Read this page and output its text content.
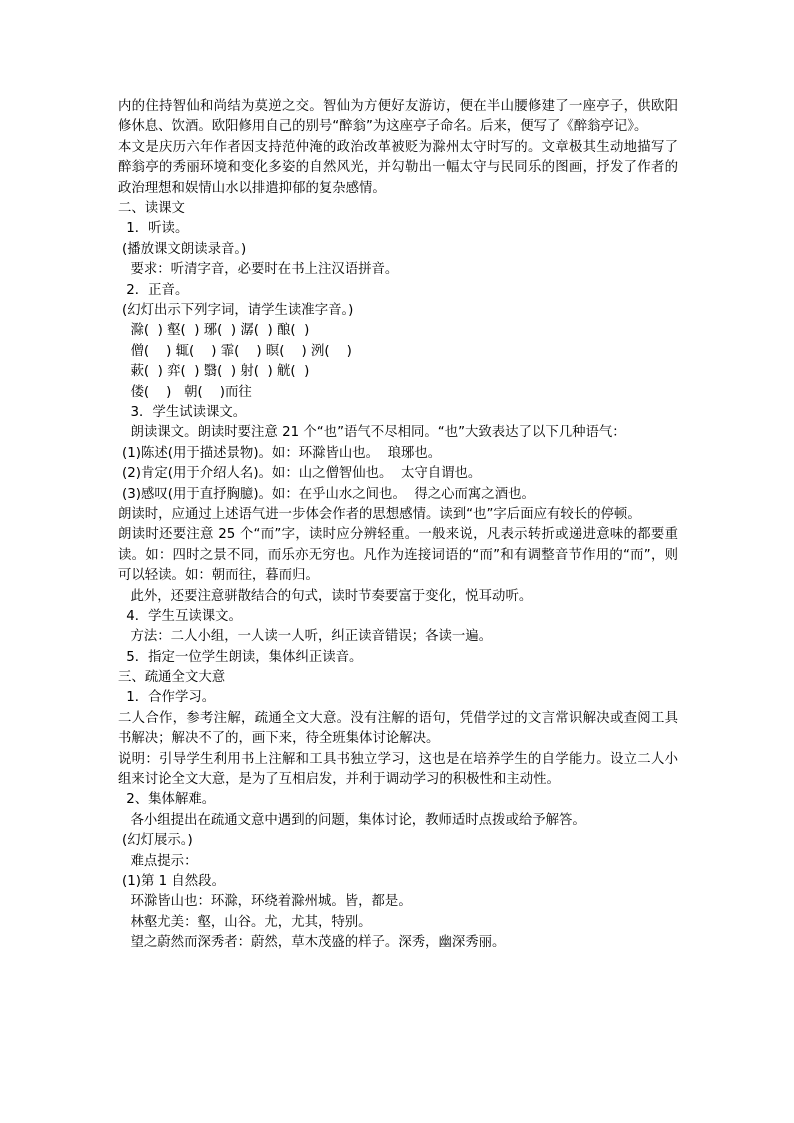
内的住持智仙和尚结为莫逆之交。智仙为方便好友游访，便在半山腰修建了一座亭子，供欧阳修休息、饮酒。欧阳修用自己的别号“醉翁”为这座亭子命名。后来，便写了《醉翁亭记》。

本文是庆历六年作者因支持范仲淹的政治改革被贬为滁州太守时写的。文章极其生动地描写了醉翁亭的秀丽环境和变化多姿的自然风光，并勾勒出一幅太守与民同乐的图画，抒发了作者的政治理想和娱情山水以排遣抑郁的复杂感情。

二、读课文

1．听读。

(播放课文朗读录音。)

要求：听清字音，必要时在书上注汉语拼音。

2．正音。

(幻灯出示下列字词，请学生读准字音。)

滁(  ) 壑(  ) 琊(  ) 潺(  ) 酿(  )

僧(    ) 辄(    ) 霏(    ) 暝(    ) 洌(    )

蔌(  ) 弈(  ) 翳(  ) 射(  ) 觥(  )

偻(    )   朝(    )而往

3．学生试读课文。

朗读课文。朗读时要注意 21 个“也”语气不尽相同。“也”大致表达了以下几种语气：

(1)陈述(用于描述景物)。如：环滁皆山也。  琅琊也。

(2)肯定(用于介绍人名)。如：山之僧智仙也。  太守自谓也。

(3)感叹(用于直抒胸臆)。如：在乎山水之间也。  得之心而寓之酒也。

朗读时，应通过上述语气进一步体会作者的思想感情。读到“也”字后面应有较长的停顿。

朗读时还要注意 25 个“而”字，读时应分辨轻重。一般来说，凡表示转折或递进意味的都要重读。如：四时之景不同，而乐亦无穷也。凡作为连接词语的“而”和有调整音节作用的“而”，则可以轻读。如：朝而往，暮而归。

此外，还要注意骈散结合的句式，读时节奏要富于变化，悦耳动听。

4．学生互读课文。

方法：二人小组，一人读一人听，纠正读音错误；各读一遍。

5．指定一位学生朗读，集体纠正读音。

三、疏通全文大意

1．合作学习。

二人合作，参考注解，疏通全文大意。没有注解的语句，凭借学过的文言常识解决或查阅工具书解决；解决不了的，画下来，待全班集体讨论解决。

说明：引导学生利用书上注解和工具书独立学习，这也是在培养学生的自学能力。设立二人小组来讨论全文大意，是为了互相启发，并利于调动学习的积极性和主动性。

2、集体解难。

各小组提出在疏通文意中遇到的问题，集体讨论，教师适时点拨或给予解答。

(幻灯展示。)

难点提示：

(1)第 1 自然段。

环滁皆山也：环滁，环绕着滁州城。皆，都是。

林壑尤美：壑，山谷。尤，尤其，特别。

望之蔚然而深秀者：蔚然，草木茂盛的样子。深秀，幽深秀丽。
